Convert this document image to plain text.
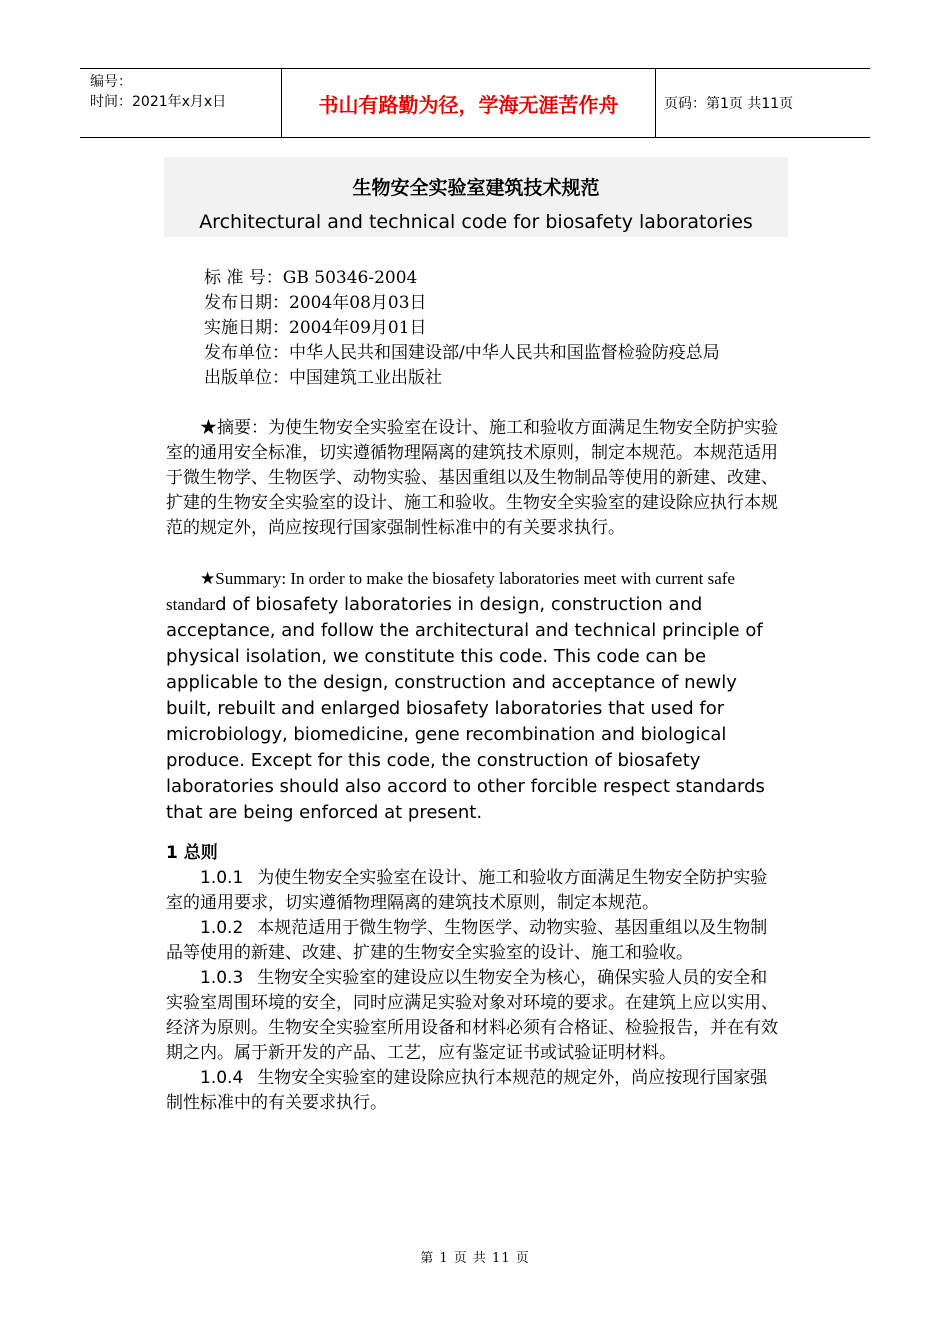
编号：
时间：2021年x月x日	书山有路勤为径，学海无涯苦作舟	页码：第1页 共11页
生物安全实验室建筑技术规范
Architectural and technical code for biosafety laboratories
标 准 号：GB 50346-2004
发布日期：2004年08月03日
实施日期：2004年09月01日
发布单位：中华人民共和国建设部/中华人民共和国监督检验防疫总局
出版单位：中国建筑工业出版社
★摘要：为使生物安全实验室在设计、施工和验收方面满足生物安全防护实验室的通用安全标准，切实遵循物理隔离的建筑技术原则，制定本规范。本规范适用于微生物学、生物医学、动物实验、基因重组以及生物制品等使用的新建、改建、扩建的生物安全实验室的设计、施工和验收。生物安全实验室的建设除应执行本规范的规定外，尚应按现行国家强制性标准中的有关要求执行。
★Summary: In order to make the biosafety laboratories meet with current safe standard of biosafety laboratories in design, construction and acceptance, and follow the architectural and technical principle of physical isolation, we constitute this code. This code can be applicable to the design, construction and acceptance of newly built, rebuilt and enlarged biosafety laboratories that used for microbiology, biomedicine, gene recombination and biological produce. Except for this code, the construction of biosafety laboratories should also accord to other forcible respect standards that are being enforced at present.
1 总则
1.0.1 为使生物安全实验室在设计、施工和验收方面满足生物安全防护实验室的通用要求，切实遵循物理隔离的建筑技术原则，制定本规范。
1.0.2 本规范适用于微生物学、生物医学、动物实验、基因重组以及生物制品等使用的新建、改建、扩建的生物安全实验室的设计、施工和验收。
1.0.3 生物安全实验室的建设应以生物安全为核心，确保实验人员的安全和实验室周围环境的安全，同时应满足实验对象对环境的要求。在建筑上应以实用、经济为原则。生物安全实验室所用设备和材料必须有合格证、检验报告，并在有效期之内。属于新开发的产品、工艺，应有鉴定证书或试验证明材料。
1.0.4 生物安全实验室的建设除应执行本规范的规定外，尚应按现行国家强制性标准中的有关要求执行。
第 1 页 共 11 页
